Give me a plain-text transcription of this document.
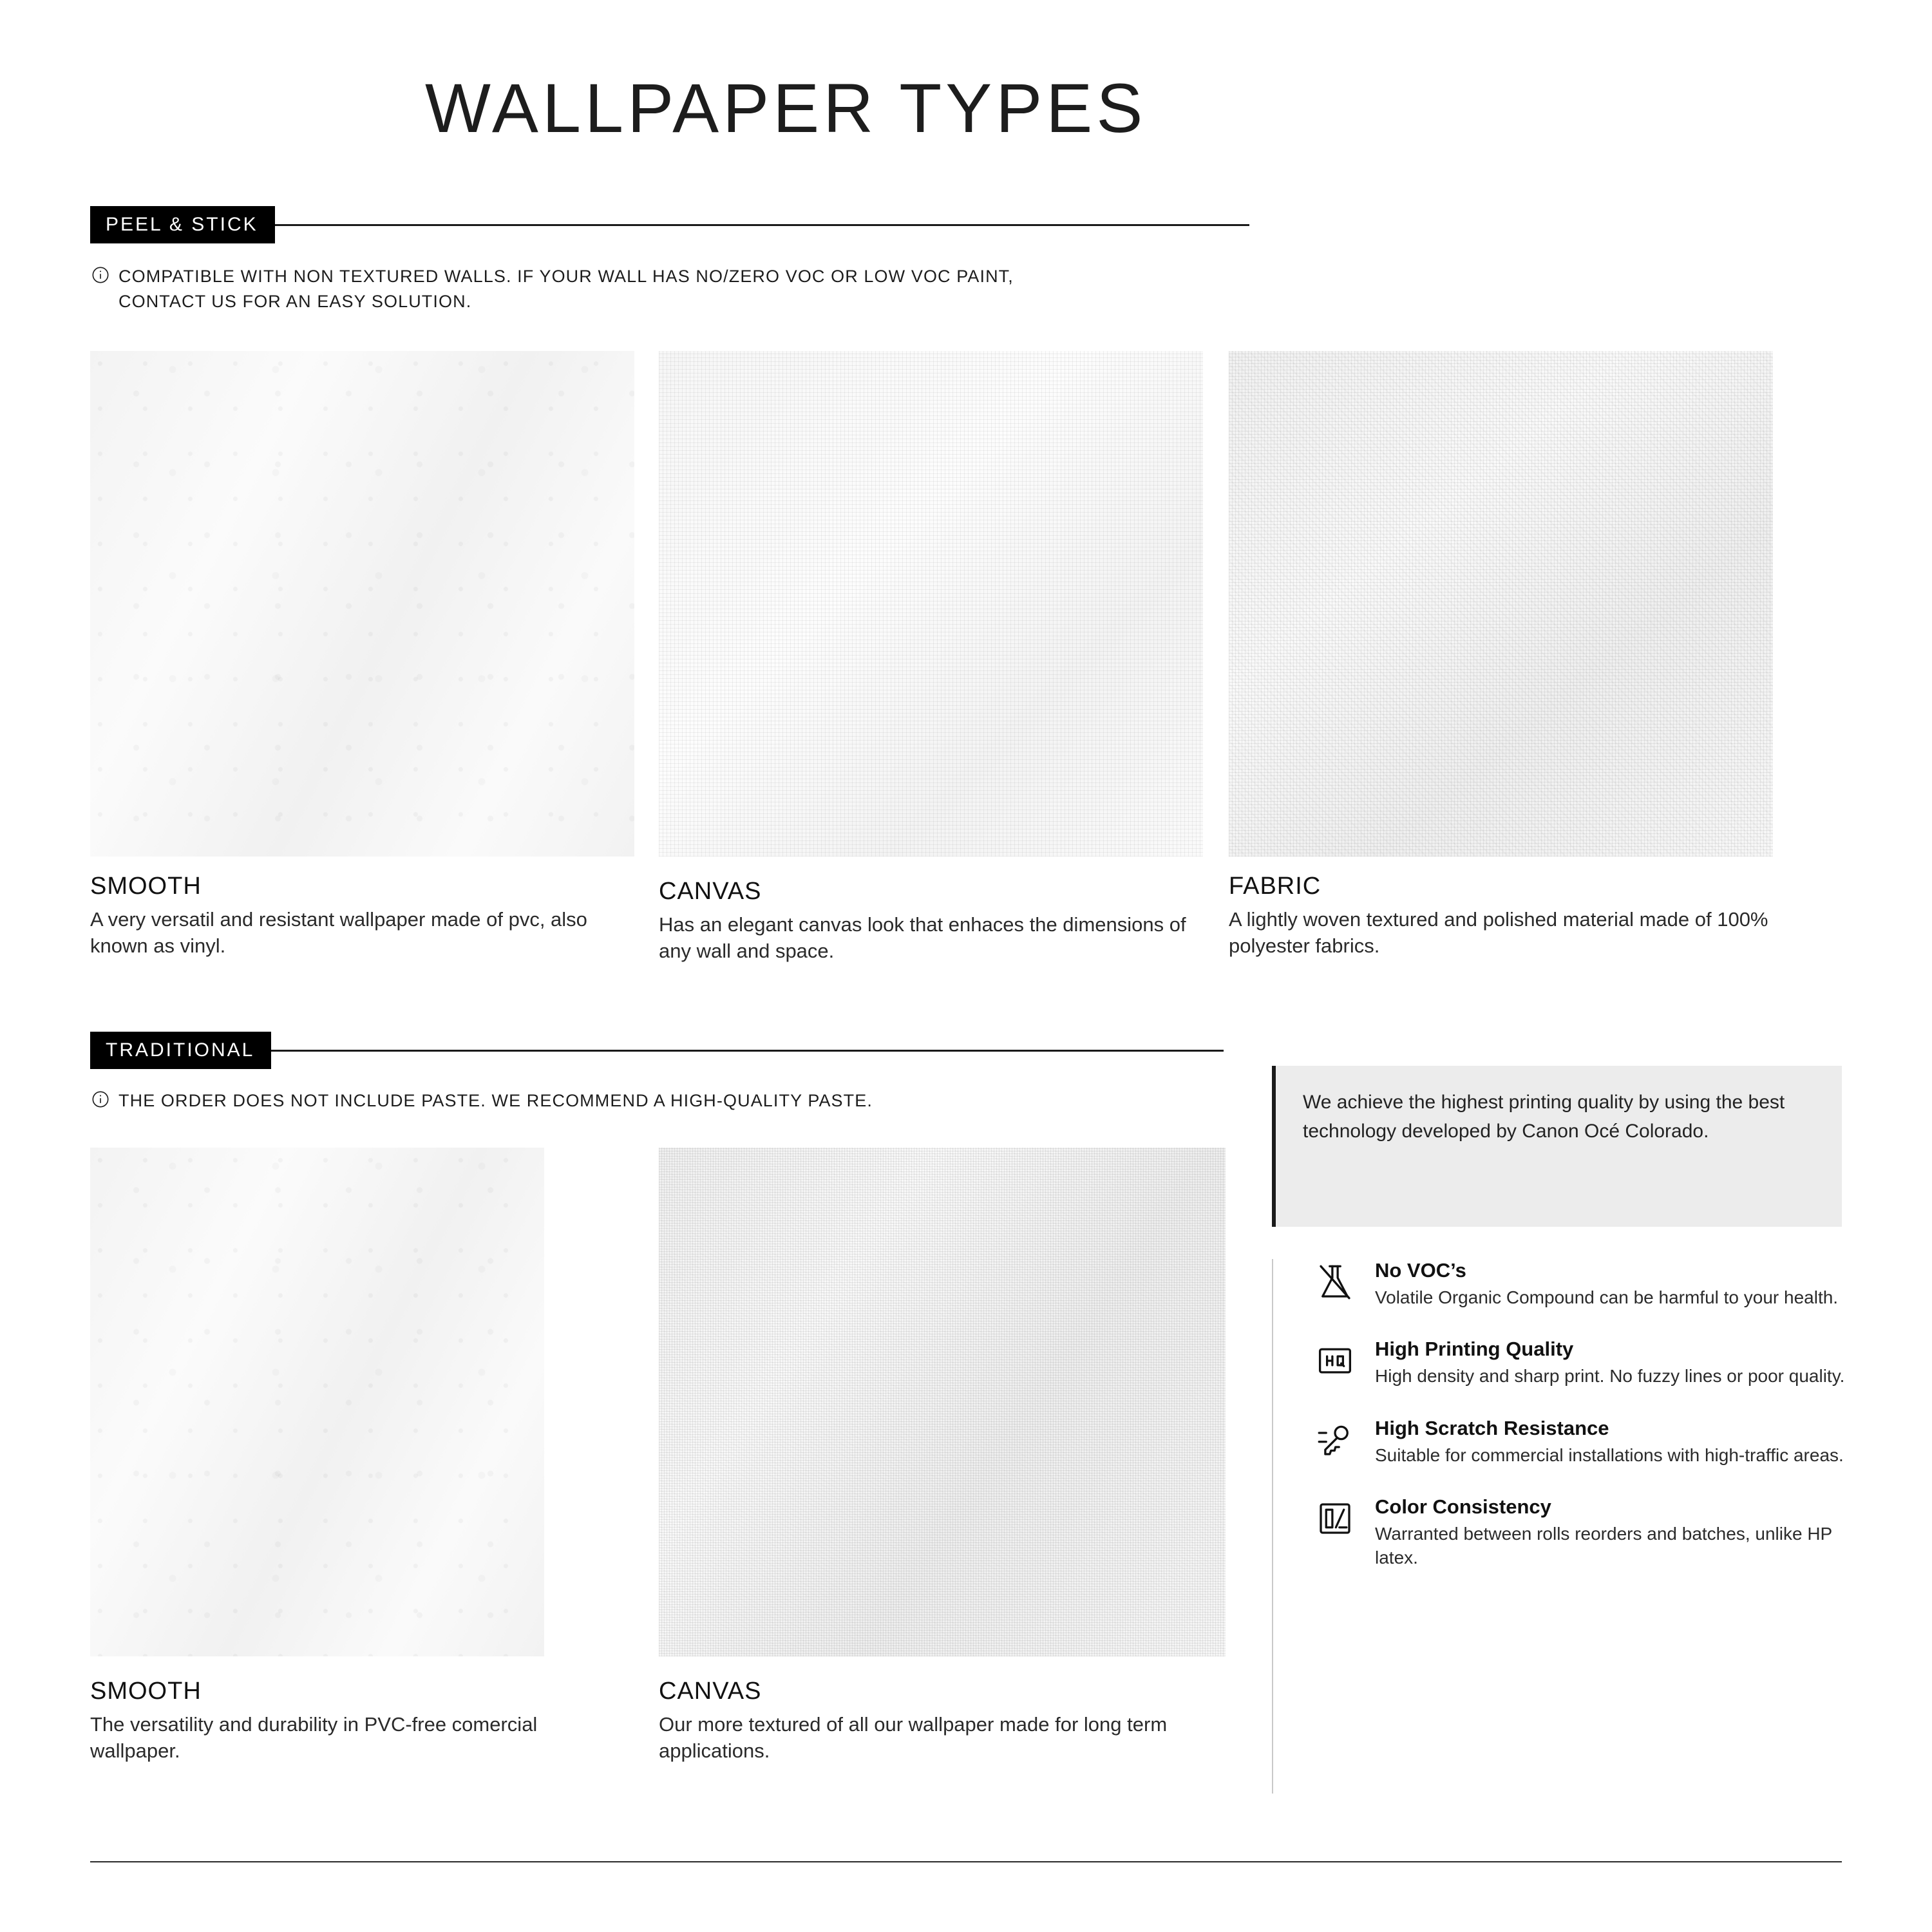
WALLPAPER TYPES
PEEL & STICK
COMPATIBLE WITH NON TEXTURED WALLS. IF YOUR WALL HAS NO/ZERO VOC OR LOW VOC PAINT, CONTACT US FOR AN EASY SOLUTION.
SMOOTH

A very versatil and resistant wallpaper made of pvc, also known as vinyl.

CANVAS

Has an elegant canvas look that enhaces the dimensions of any wall and space.

FABRIC

A lightly woven textured and polished material made of 100% polyester fabrics.

TRADITIONAL
THE ORDER DOES NOT INCLUDE PASTE. WE RECOMMEND A HIGH-QUALITY PASTE.
SMOOTH

The versatility and durability in PVC-free comercial wallpaper.

CANVAS

Our more textured of all our wallpaper made for long term applications.

We achieve the highest printing quality by using the best technology developed by Canon Océ Colorado.

No VOC’s

Volatile Organic Compound can be harmful to your health.

High Printing Quality

High density and sharp print. No fuzzy lines or poor quality.

High Scratch Resistance

Suitable for commercial installations with high-traffic areas.

Color Consistency

Warranted between rolls reorders and batches, unlike HP latex.
